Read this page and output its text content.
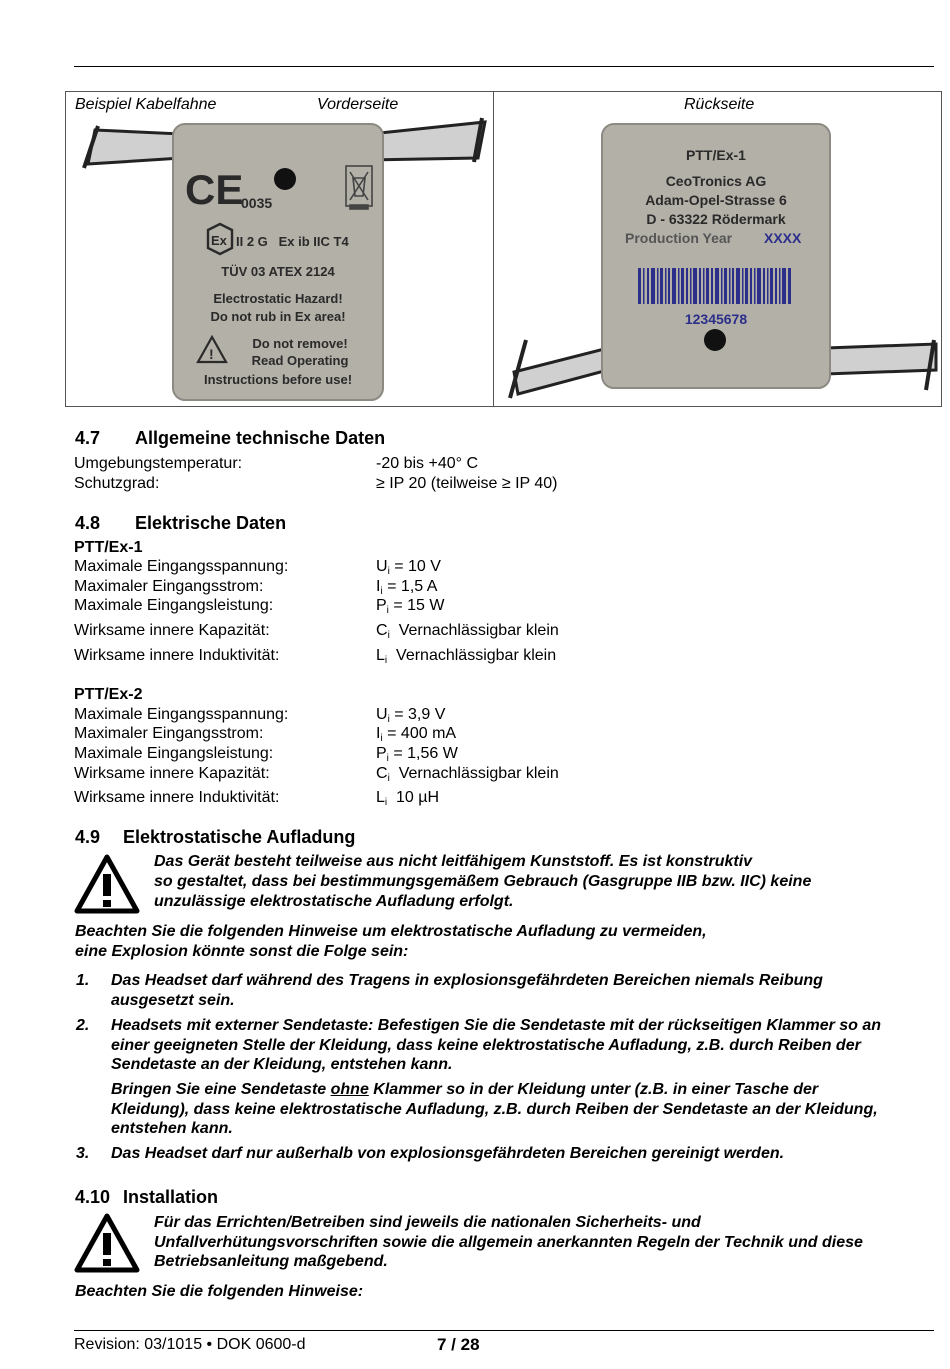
Beispiel Kabelfahne	Vorderseite	Rückseite
CE
0035
Ex II 2 G   Ex ib IIC T4
TÜV 03 ATEX 2124
Electrostatic Hazard!
Do not rub in Ex area!
!
Do not remove!
Read Operating
Instructions before use!
PTT/Ex-1
CeoTronics AG
Adam-Opel-Strasse 6
D - 63322 Rödermark
Production Year XXXX
12345678
4.7 Allgemeine technische Daten
Umgebungstemperatur:	-20 bis +40° C
Schutzgrad:	≥ IP 20 (teilweise ≥ IP 40)
4.8 Elektrische Daten
PTT/Ex-1
Maximale Eingangsspannung:	$U_i = 10$ V
Maximaler Eingangsstrom:	$I_i = 1,5$ A
Maximale Eingangsleistung:	$P_i = 15$ W
Wirksame innere Kapazität:	$C_i$  Vernachlässigbar klein
Wirksame innere Induktivität:	$L_i$  Vernachlässigbar klein
PTT/Ex-2
Maximale Eingangsspannung:	$U_i = 3,9$ V
Maximaler Eingangsstrom:	$I_i = 400$ mA
Maximale Eingangsleistung:	$P_i = 1,56$ W
Wirksame innere Kapazität:	$C_i$  Vernachlässigbar klein
Wirksame innere Induktivität:	$L_i$  10 µH
4.9 Elektrostatische Aufladung
Das Gerät besteht teilweise aus nicht leitfähigem Kunststoff. Es ist konstruktiv
so gestaltet, dass bei bestimmungsgemäßem Gebrauch (Gasgruppe IIB bzw. IIC) keine
unzulässige elektrostatische Aufladung erfolgt.
Beachten Sie die folgenden Hinweise um elektrostatische Aufladung zu vermeiden,
eine Explosion könnte sonst die Folge sein:
1. Das Headset darf während des Tragens in explosionsgefährdeten Bereichen niemals Reibung
ausgesetzt sein.
2. Headsets mit externer Sendetaste: Befestigen Sie die Sendetaste mit der rückseitigen Klammer so an
einer geeigneten Stelle der Kleidung, dass keine elektrostatische Aufladung, z.B. durch Reiben der
Sendetaste an der Kleidung, entstehen kann.
Bringen Sie eine Sendetaste ohne Klammer so in der Kleidung unter (z.B. in einer Tasche der
Kleidung), dass keine elektrostatische Aufladung, z.B. durch Reiben der Sendetaste an der Kleidung,
entstehen kann.
3. Das Headset darf nur außerhalb von explosionsgefährdeten Bereichen gereinigt werden.
4.10 Installation
Für das Errichten/Betreiben sind jeweils die nationalen Sicherheits- und
Unfallverhütungsvorschriften sowie die allgemein anerkannten Regeln der Technik und diese
Betriebsanleitung maßgebend.
Beachten Sie die folgenden Hinweise:
Revision: 03/1015 • DOK 0600-d	7 / 28
